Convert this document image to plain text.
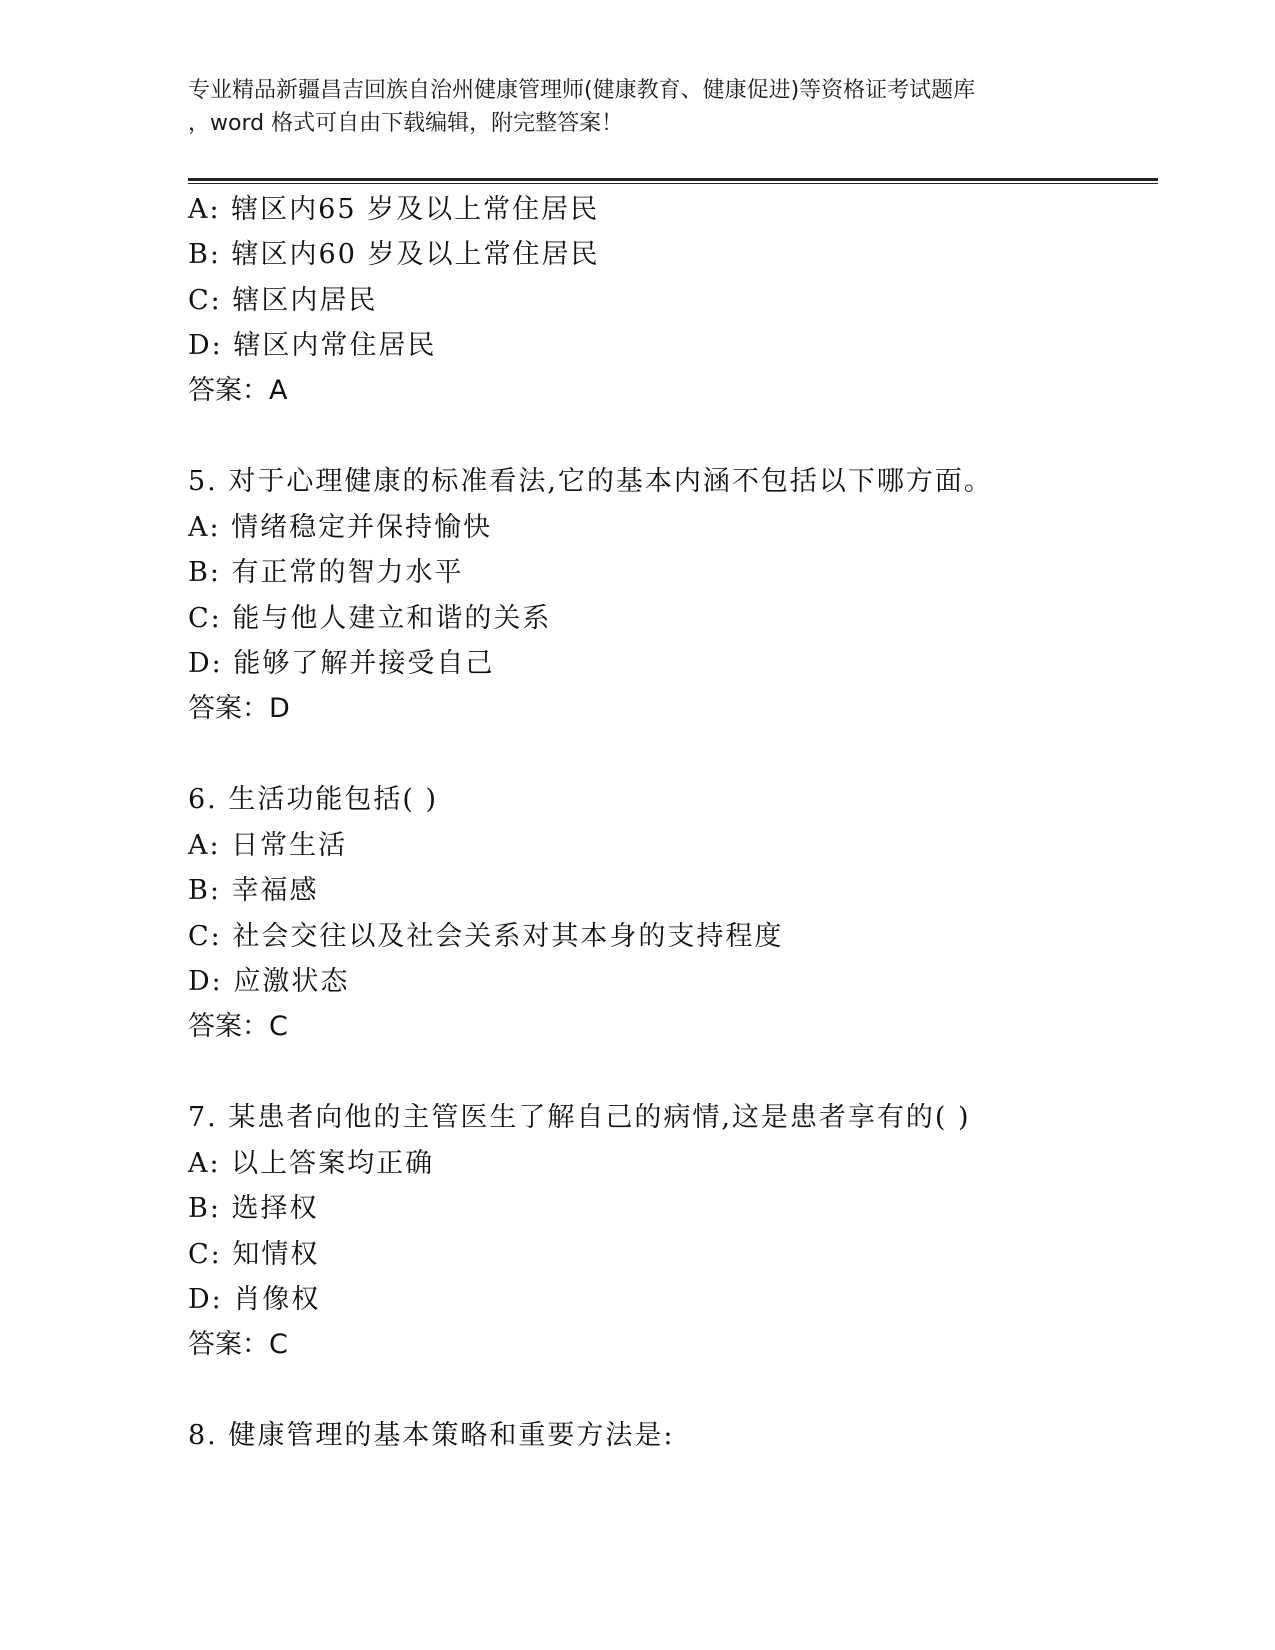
专业精品新疆昌吉回族自治州健康管理师(健康教育、健康促进)等资格证考试题库
，word 格式可自由下载编辑，附完整答案！
A: 辖区内65 岁及以上常住居民
B: 辖区内60 岁及以上常住居民
C: 辖区内居民
D: 辖区内常住居民
答案：A
5. 对于心理健康的标准看法,它的基本内涵不包括以下哪方面。
A: 情绪稳定并保持愉快
B: 有正常的智力水平
C: 能与他人建立和谐的关系
D: 能够了解并接受自己
答案：D
6. 生活功能包括( )
A: 日常生活
B: 幸福感
C: 社会交往以及社会关系对其本身的支持程度
D: 应激状态
答案：C
7. 某患者向他的主管医生了解自己的病情,这是患者享有的( )
A: 以上答案均正确
B: 选择权
C: 知情权
D: 肖像权
答案：C
8. 健康管理的基本策略和重要方法是:
